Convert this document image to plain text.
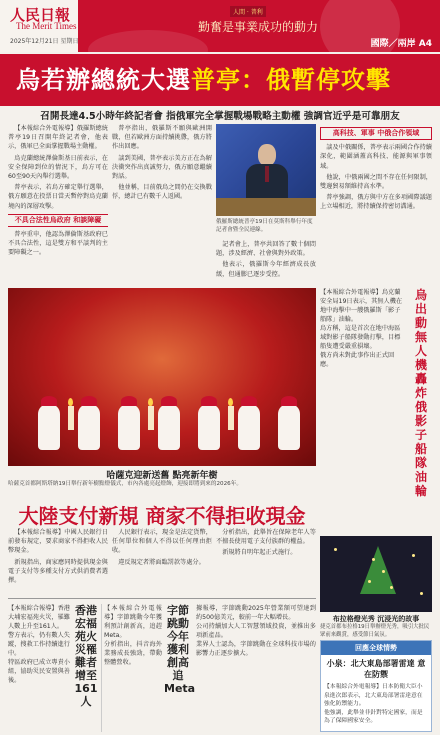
人民日報
The Merit Times
2025年12月21日 星期日
人間 · 普利
勤奮是事業成功的動力
國際／兩岸 A4
烏若辦總統大選普亭：俄暫停攻擊
召開長達4.5小時年終記者會 指俄軍完全掌握戰場戰略主動權 強調官近乎是可靠朋友

【本報綜合外電報導】俄羅斯總統普亭19日召開年終記者會，他表示，俄軍已全面掌握戰場主動權。

烏克蘭總統澤倫斯基日前表示，在安全保障到位的情況下，烏方可在60至90天內舉行選舉。

普亭表示，若烏方確定舉行選舉，俄方願意在投票日當天暫停對烏克蘭境內的深層攻擊。

不具合法性烏政府 和談障礙

普亭重申，他認為澤倫斯基政府已不具合法性，這是雙方和平談判的主要障礙之一。

普亭指出，俄羅斯不願與歐洲開戰，但若歐洲方面持續挑釁，俄方將作出回應。

談到美國，普亭表示美方正在為解決衝突作出真誠努力，俄方願意繼續對話。

他並稱，目前俄烏之間仍在交換戰俘，總計已有數千人返國。

俄羅斯總統普亭19日在莫斯科舉行年度記者會暨全民連線。

記者會上，普亭共回答了數十個問題，涉及經濟、社會與對外政策。

他表示，俄羅斯今年經濟成長放緩，但通膨已逐步受控。

高科技、軍事 中俄合作領域

談及中俄關係，普亭表示兩國合作持續深化，範圍涵蓋高科技、能源與軍事領域。

他說，中俄兩國之間不存在任何限制，雙邊貿易額維持高水準。

普亭強調，俄方與中方在多項國際議題上立場相近，將持續保持密切溝通。

烏出動無人機轟炸俄影子船隊油輪

【本報綜合外電報導】烏克蘭安全局19日表示，其無人機在地中海擊中一艘俄羅斯「影子船隊」油輪。

烏方稱，這是首次在地中海區域對影子船隊發動打擊，目標船隻遭受嚴重損壞。

俄方尚未對此事作出正式回應。

哈薩克迎新送舊 點亮新年樹
哈薩克首都阿斯塔納19日舉行新年樹點燈儀式，市內各處亮起燈飾，迎接即將到來的2026年。
大陸支付新規 商家不得拒收現金

【本報綜合報導】中國人民銀行日前發布規定，要求商家不得拒收人民幣現金。

新規指出，商家應同時提供現金與電子支付等多種支付方式供消費者選擇。

人民銀行表示，現金是法定貨幣，任何單位和個人不得以任何理由拒收。

違反規定者將面臨罰款等處分。

分析指出，此舉旨在保障老年人等不擅長使用電子支付族群的權益。

新規將自明年起正式施行。

布拉格燈光秀 沉浸光的故事
捷克首都布拉格19日舉辦燈光秀，吸引大批民眾前來觀賞，感受節日氣氛。

【本報綜合報導】香港大埔宏福苑火災，罹難人數上升至161人。

警方表示，仍有數人失蹤，搜救工作持續進行中。

特區政府已成立專責小組，協助災民安置與善後。

香港宏福苑火災罹難者增至161人

【本報綜合外電報導】字節跳動今年獲利預計創新高，追趕Meta。

分析指出，抖音海外業務成長強勁，帶動整體營收。

字節跳動今年獲利創高追Meta

據報導，字節跳動2025年營業額可望達到約500億美元，較前一年大幅增長。

公司持續加大人工智慧領域投資，並推出多項新產品。

業界人士認為，字節跳動在全球科技市場的影響力正逐步擴大。

回應全球情勢
小泉：北大東島部署雷達 意在防禦

【本報綜合外電報導】日本防衛大臣小泉進次郎表示，北大東島部署雷達意在強化防禦能力。

他強調，此舉並非針對特定國家，而是為了保障國家安全。
